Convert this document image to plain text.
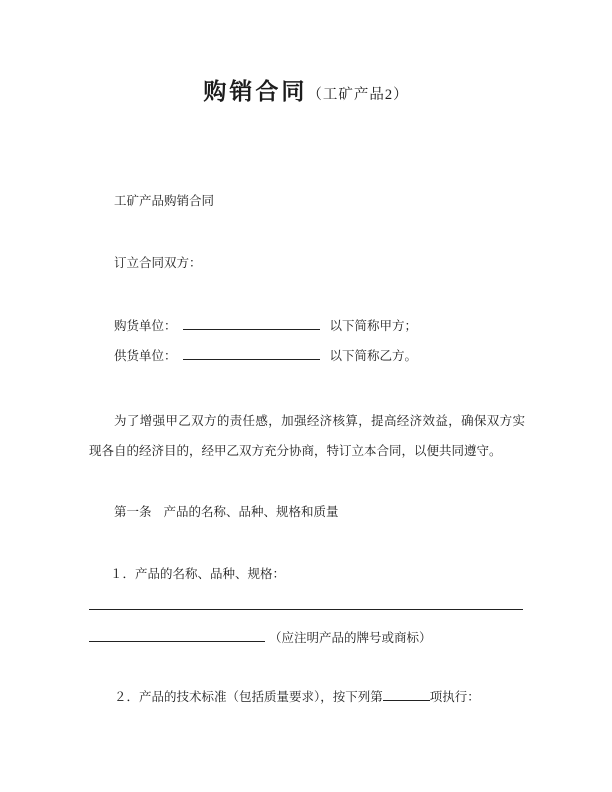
购销合同（工矿产品2）
工矿产品购销合同
订立合同双方：
购货单位：	以下简称甲方；
供货单位：	以下简称乙方。
为了增强甲乙双方的责任感，加强经济核算，提高经济效益，确保双方实现各自的经济目的，经甲乙双方充分协商，特订立本合同，以便共同遵守。
第一条 产品的名称、品种、规格和质量
１．产品的名称、品种、规格：
（应注明产品的牌号或商标）
２．产品的技术标准（包括质量要求），按下列第	项执行：
